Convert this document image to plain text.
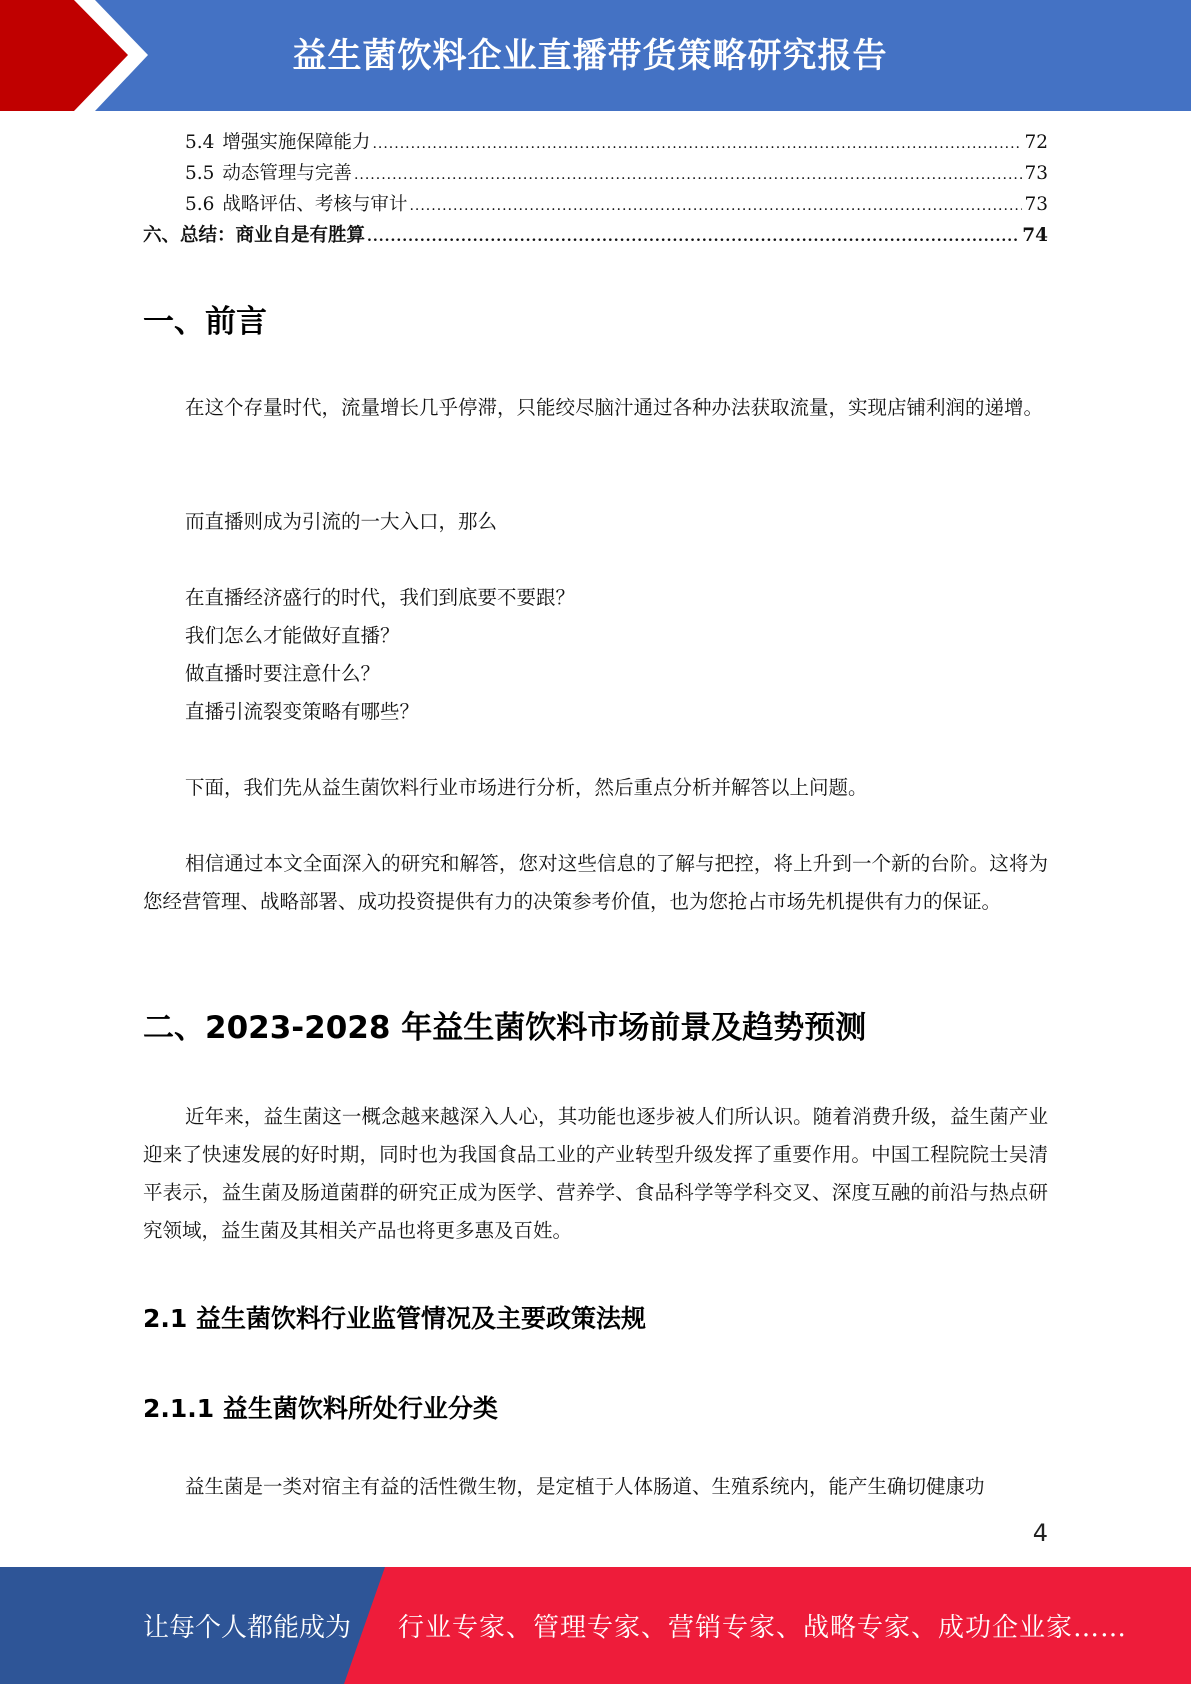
益生菌饮料企业直播带货策略研究报告
5.4 增强实施保障能力 .....	72
5.5 动态管理与完善 .....	73
5.6 战略评估、考核与审计 .....	73
六、总结：商业自是有胜算 .....	74
一、前言

在这个存量时代，流量增长几乎停滞，只能绞尽脑汁通过各种办法获取流量，实现店铺利润的递增。

而直播则成为引流的一大入口，那么

在直播经济盛行的时代，我们到底要不要跟？
我们怎么才能做好直播？
做直播时要注意什么？
直播引流裂变策略有哪些？

下面，我们先从益生菌饮料行业市场进行分析，然后重点分析并解答以上问题。

相信通过本文全面深入的研究和解答，您对这些信息的了解与把控，将上升到一个新的台阶。这将为您经营管理、战略部署、成功投资提供有力的决策参考价值，也为您抢占市场先机提供有力的保证。

二、2023-2028 年益生菌饮料市场前景及趋势预测

近年来，益生菌这一概念越来越深入人心，其功能也逐步被人们所认识。随着消费升级，益生菌产业迎来了快速发展的好时期，同时也为我国食品工业的产业转型升级发挥了重要作用。中国工程院院士吴清平表示，益生菌及肠道菌群的研究正成为医学、营养学、食品科学等学科交叉、深度互融的前沿与热点研究领域，益生菌及其相关产品也将更多惠及百姓。

2.1 益生菌饮料行业监管情况及主要政策法规
2.1.1 益生菌饮料所处行业分类

益生菌是一类对宿主有益的活性微生物，是定植于人体肠道、生殖系统内，能产生确切健康功

4
让每个人都能成为 行业专家、管理专家、营销专家、战略专家、成功企业家……
